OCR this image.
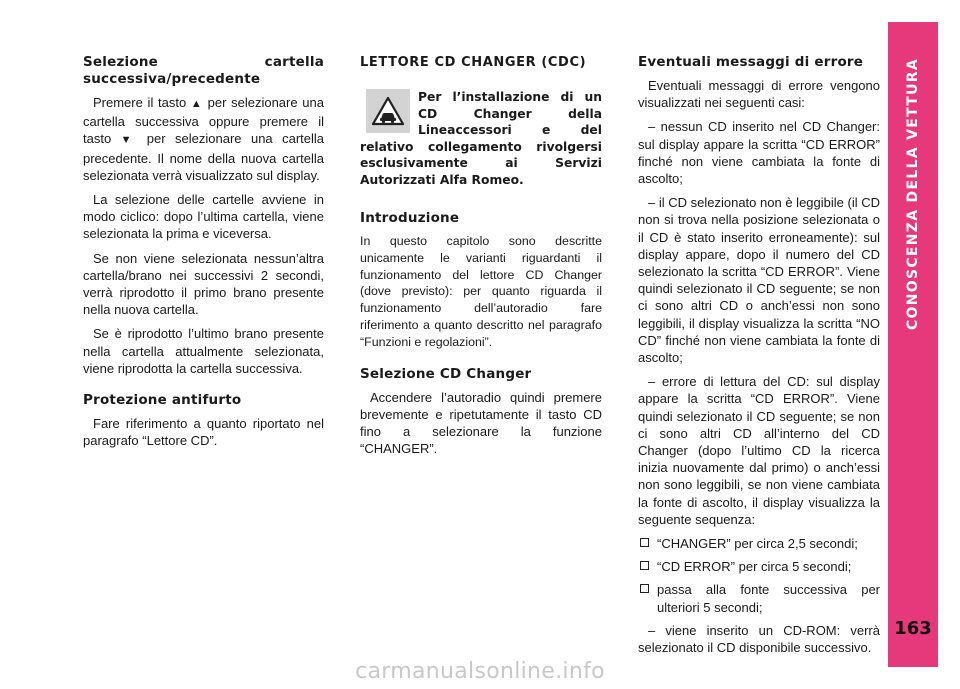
Selezione cartella successiva/precedente

Premere il tasto ▲ per selezionare una cartella successiva oppure premere il tasto ▼ per selezionare una cartella precedente. Il nome della nuova cartella selezionata verrà visualizzato sul display.

La selezione delle cartelle avviene in modo ciclico: dopo l’ultima cartella, viene selezionata la prima e viceversa.

Se non viene selezionata nessun’altra cartella/brano nei successivi 2 secondi, verrà riprodotto il primo brano presente nella nuova cartella.

Se è riprodotto l’ultimo brano presente nella cartella attualmente selezionata, viene riprodotta la cartella successiva.

Protezione antifurto

Fare riferimento a quanto riportato nel paragrafo “Lettore CD”.

LETTORE CD CHANGER (CDC)
Per l’installazione di un CD Changer della Lineaccessori e del relativo collegamento rivolgersi esclusivamente ai Servizi Autorizzati Alfa Romeo.
Introduzione

In questo capitolo sono descritte unicamente le varianti riguardanti il funzionamento del lettore CD Changer (dove previsto): per quanto riguarda il funzionamento dell’autoradio fare riferimento a quanto descritto nel paragrafo “Funzioni e regolazioni”.

Selezione CD Changer

Accendere l’autoradio quindi premere brevemente e ripetutamente il tasto CD fino a selezionare la funzione “CHANGER”.

Eventuali messaggi di errore

Eventuali messaggi di errore vengono visualizzati nei seguenti casi:

– nessun CD inserito nel CD Changer: sul display appare la scritta “CD ERROR” finché non viene cambiata la fonte di ascolto;

– il CD selezionato non è leggibile (il CD non si trova nella posizione selezionata o il CD è stato inserito erroneamente): sul display appare, dopo il numero del CD selezionato la scritta “CD ERROR”. Viene quindi selezionato il CD seguente; se non ci sono altri CD o anch’essi non sono leggibili, il display visualizza la scritta “NO CD” finché non viene cambiata la fonte di ascolto;

– errore di lettura del CD: sul display appare la scritta “CD ERROR”. Viene quindi selezionato il CD seguente; se non ci sono altri CD all’interno del CD Changer (dopo l’ultimo CD la ricerca inizia nuovamente dal primo) o anch’essi non sono leggibili, se non viene cambiata la fonte di ascolto, il display visualizza la seguente sequenza:

“CHANGER” per circa 2,5 secondi;
“CD ERROR” per circa 5 secondi;
passa alla fonte successiva per ulteriori 5 secondi;

– viene inserito un CD-ROM: verrà selezionato il CD disponibile successivo.

CONOSCENZA DELLA VETTURA
163
carmanualsonline.info
